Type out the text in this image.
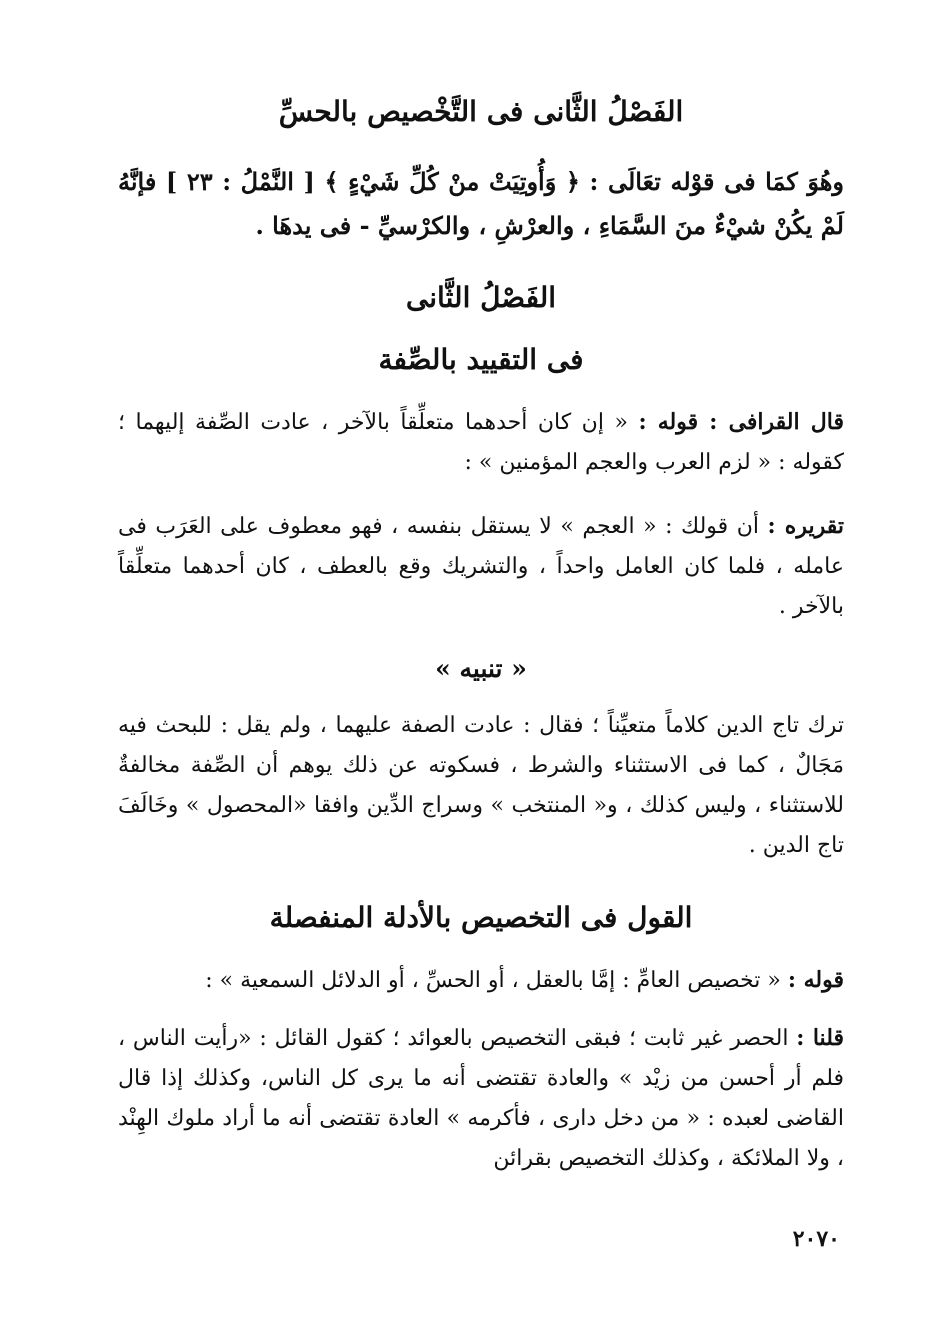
الفَصْلُ الثَّانى فى التَّخْصيص بالحسِّ
وهُوَ كمَا فى قوْله تعَالَى : ﴿ وَأُوتِيَتْ منْ كُلِّ شَيْءٍ ﴾ [ النَّمْلُ : ٢٣ ] فإنَّهُ لَمْ يكُنْ شيْءٌ منَ السَّمَاءِ ، والعرْشِ ، والكرْسيِّ - فى يدهَا .
الفَصْلُ الثَّانى
فى التقييد بالصِّفة
قال القرافى : قوله : « إن كان أحدهما متعلِّقاً بالآخر ، عادت الصِّفة إليهما ؛ كقوله : « لزم العرب والعجم المؤمنين » :
تقريره : أن قولك : « العجم » لا يستقل بنفسه ، فهو معطوف على العَرَب فى عامله ، فلما كان العامل واحداً ، والتشريك وقع بالعطف ، كان أحدهما متعلِّقاً بالآخر .
« تنبيه »
ترك تاج الدين كلاماً متعيِّناً ؛ فقال : عادت الصفة عليهما ، ولم يقل : للبحث فيه مَجَالٌ ، كما فى الاستثناء والشرط ، فسكوته عن ذلك يوهم أن الصِّفة مخالفةٌ للاستثناء ، وليس كذلك ، و« المنتخب » وسراج الدِّين وافقا «المحصول » وخَالَفَ تاج الدين .
القول فى التخصيص بالأدلة المنفصلة
قوله : « تخصيص العامِّ : إمَّا بالعقل ، أو الحسِّ ، أو الدلائل السمعية » :
قلنا : الحصر غير ثابت ؛ فبقى التخصيص بالعوائد ؛ كقول القائل : «رأيت الناس ، فلم أر أحسن من زيْد » والعادة تقتضى أنه ما يرى كل الناس، وكذلك إذا قال القاضى لعبده : « من دخل دارى ، فأكرمه » العادة تقتضى أنه ما أراد ملوك الهِنْد ، ولا الملائكة ، وكذلك التخصيص بقرائن
٢٠٧٠
